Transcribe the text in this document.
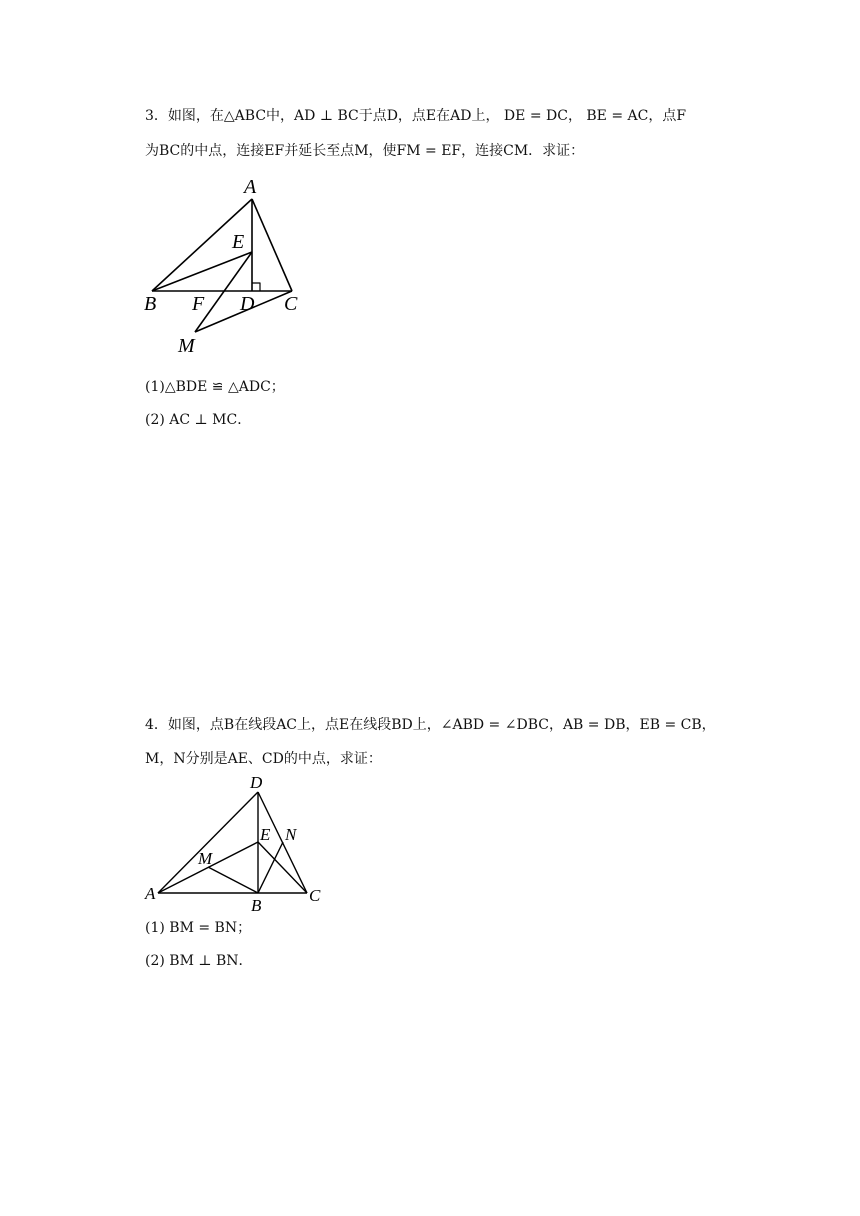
3．如图，在△ABC中，AD ⊥ BC于点D，点E在AD上， DE = DC， BE = AC，点F
为BC的中点，连接EF并延长至点M，使FM = EF，连接CM．求证：
A
E
B F D C
M
(1)△BDE ≌ △ADC；
(2) AC ⊥ MC．
4．如图，点B在线段AC上，点E在线段BD上，∠ABD = ∠DBC，AB = DB，EB = CB，
M，N分别是AE、CD的中点，求证：
D
E N
M
A
B
C
(1) BM = BN；
(2) BM ⊥ BN．
